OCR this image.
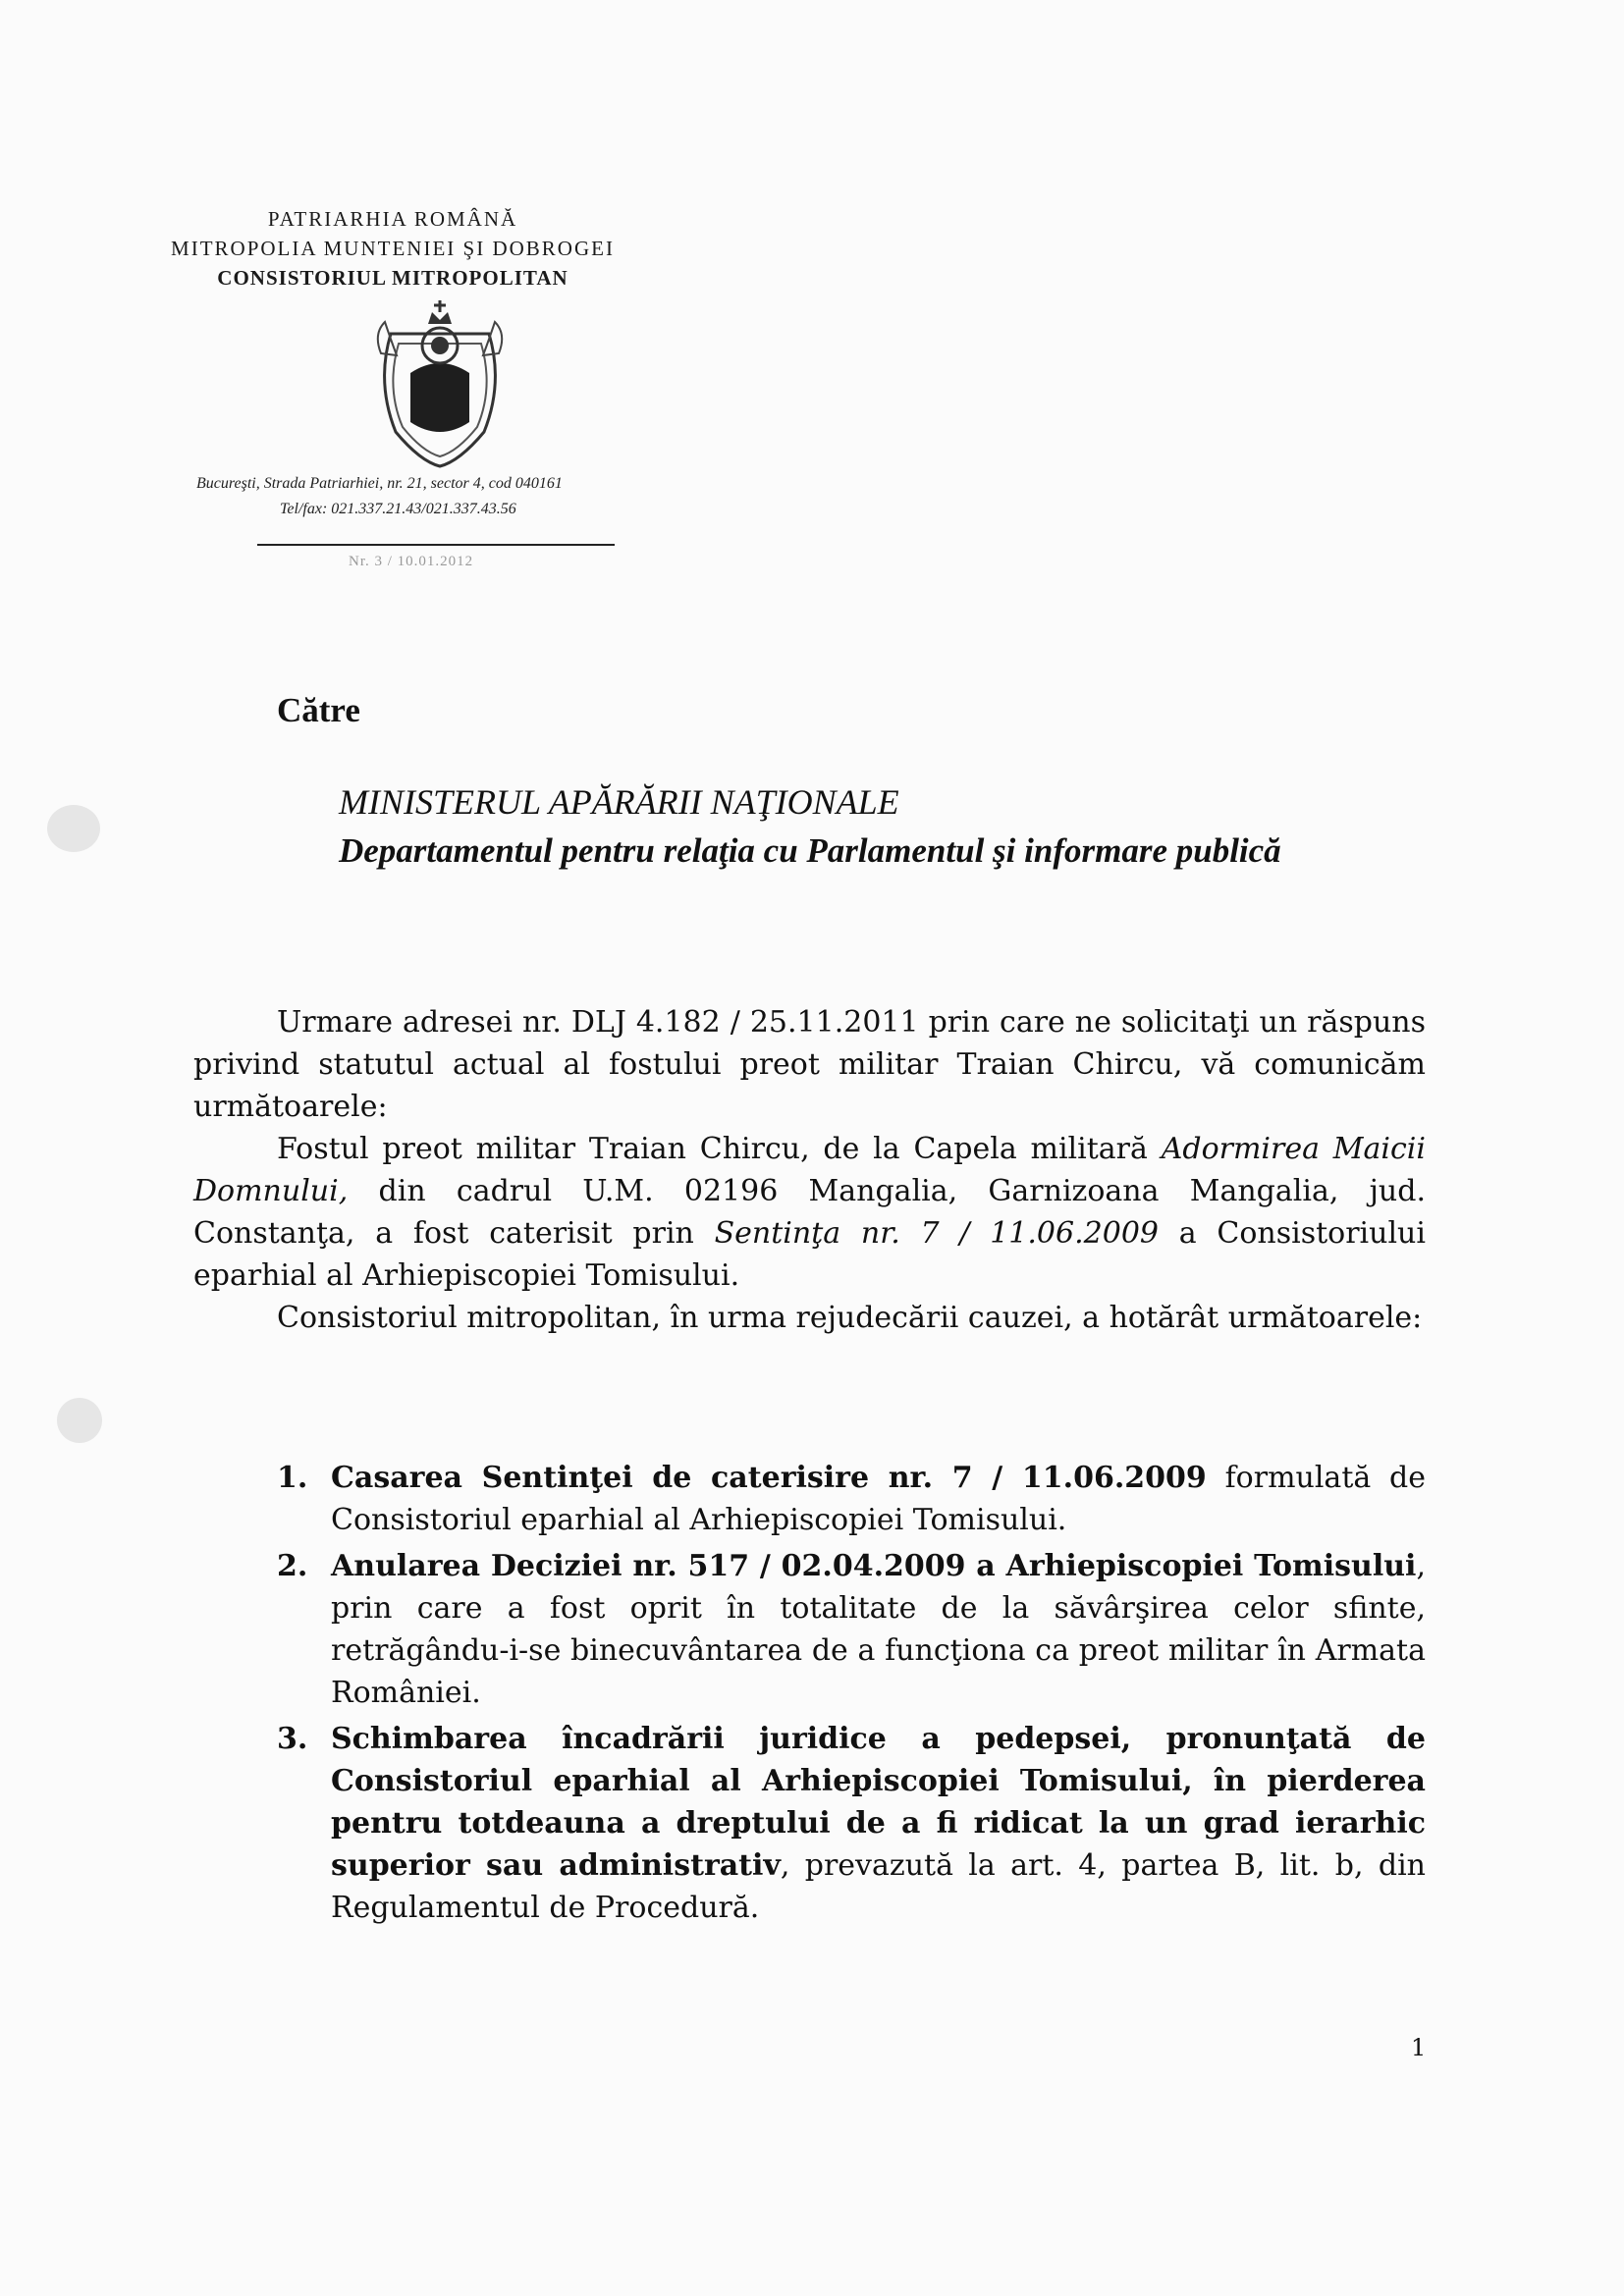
PATRIARHIA ROMÂNĂ
MITROPOLIA MUNTENIEI ŞI DOBROGEI
CONSISTORIUL MITROPOLITAN
Bucureşti, Strada Patriarhiei, nr. 21, sector 4, cod 040161
Tel/fax: 021.337.21.43/021.337.43.56
Nr. 3 / 10.01.2012
Către
MINISTERUL APĂRĂRII NAŢIONALE
Departamentul pentru relaţia cu Parlamentul şi informare publică

Urmare adresei nr. DLJ 4.182 / 25.11.2011 prin care ne solicitaţi un răspuns privind statutul actual al fostului preot militar Traian Chircu, vă comunicăm următoarele:

Fostul preot militar Traian Chircu, de la Capela militară Adormirea Maicii Domnului, din cadrul U.M. 02196 Mangalia, Garnizoana Mangalia, jud. Constanţa, a fost caterisit prin Sentinţa nr. 7 / 11.06.2009 a Consistoriului eparhial al Arhiepiscopiei Tomisului.

Consistoriul mitropolitan, în urma rejudecării cauzei, a hotărât următoarele:

1. Casarea Sentinţei de caterisire nr. 7 / 11.06.2009 formulată de Consistoriul eparhial al Arhiepiscopiei Tomisului.
2. Anularea Deciziei nr. 517 / 02.04.2009 a Arhiepiscopiei Tomisului, prin care a fost oprit în totalitate de la săvârşirea celor sfinte, retrăgându-i-se binecuvântarea de a funcţiona ca preot militar în Armata României.
3. Schimbarea încadrării juridice a pedepsei, pronunţată de Consistoriul eparhial al Arhiepiscopiei Tomisului, în pierderea pentru totdeauna a dreptului de a fi ridicat la un grad ierarhic superior sau administrativ, prevazută la art. 4, partea B, lit. b, din Regulamentul de Procedură.
1
